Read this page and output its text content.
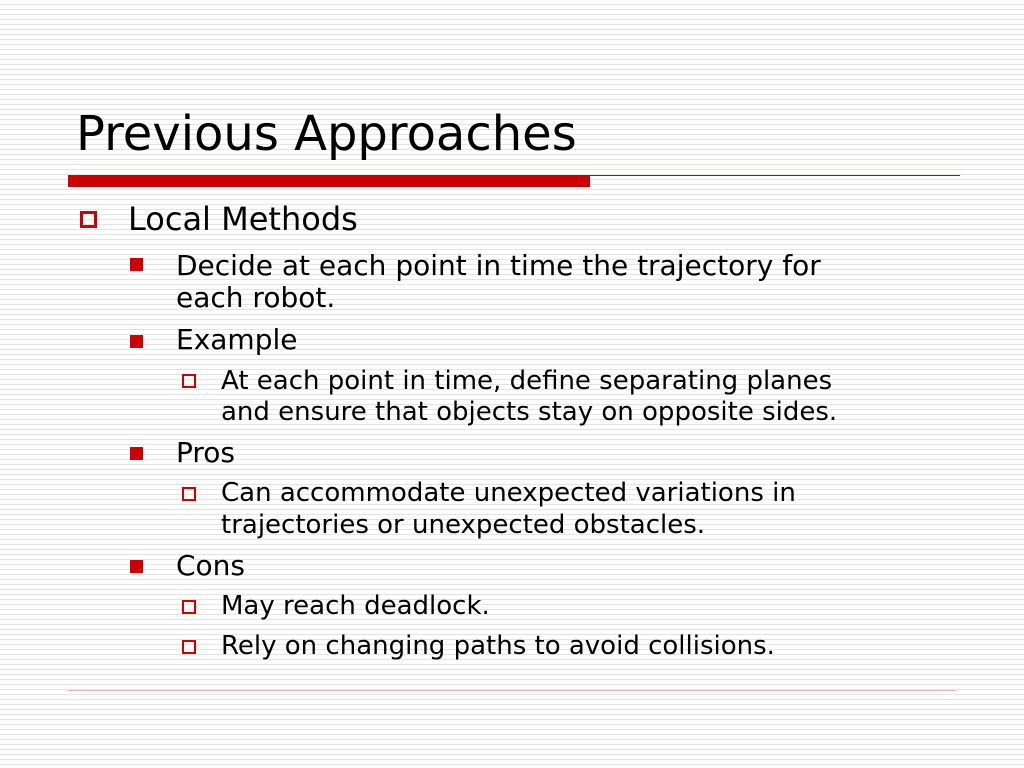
Previous Approaches
Local Methods
Decide at each point in time the trajectory for
each robot.
Example
At each point in time, define separating planes
and ensure that objects stay on opposite sides.
Pros
Can accommodate unexpected variations in
trajectories or unexpected obstacles.
Cons
May reach deadlock.
Rely on changing paths to avoid collisions.
